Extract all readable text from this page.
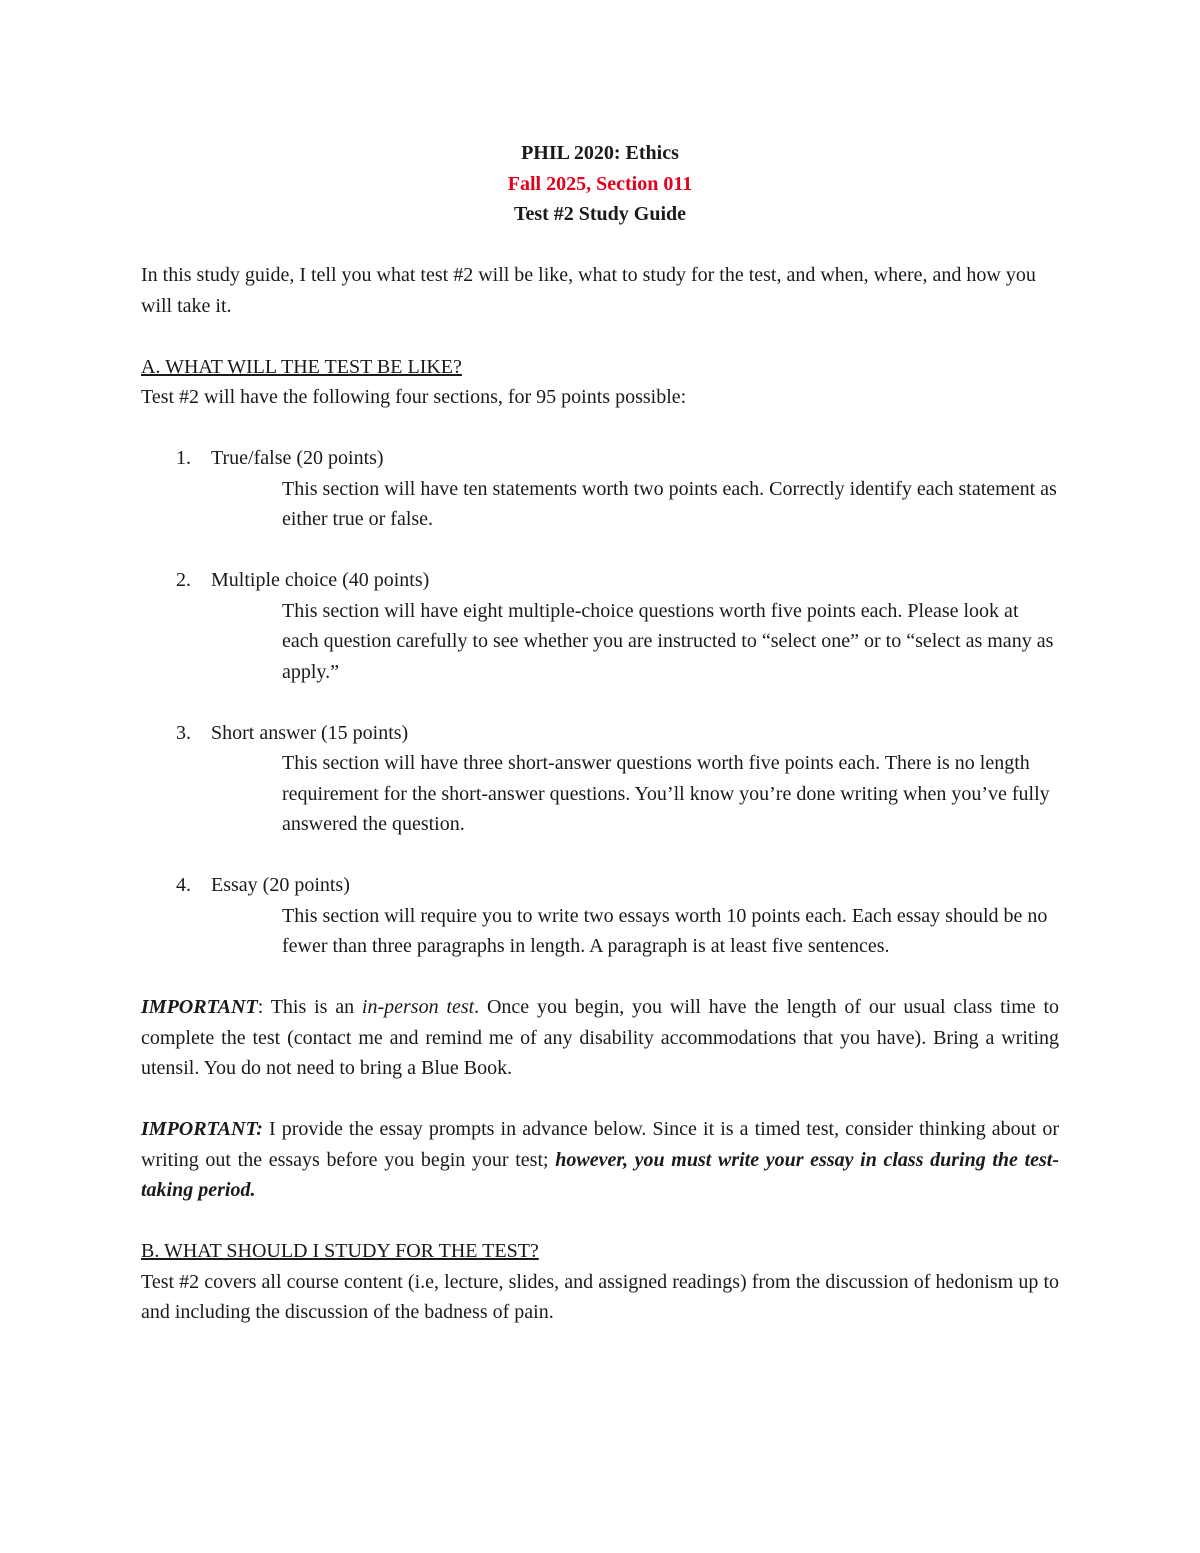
PHIL 2020: Ethics
Fall 2025, Section 011
Test #2 Study Guide

In this study guide, I tell you what test #2 will be like, what to study for the test, and when, where, and how you will take it.

A. WHAT WILL THE TEST BE LIKE?

Test #2 will have the following four sections, for 95 points possible:

1. True/false (20 points)

This section will have ten statements worth two points each. Correctly identify each statement as either true or false.

2. Multiple choice (40 points)

This section will have eight multiple-choice questions worth five points each. Please look at each question carefully to see whether you are instructed to “select one” or to “select as many as apply.”

3. Short answer (15 points)

This section will have three short-answer questions worth five points each. There is no length requirement for the short-answer questions. You’ll know you’re done writing when you’ve fully answered the question.

4. Essay (20 points)

This section will require you to write two essays worth 10 points each. Each essay should be no fewer than three paragraphs in length. A paragraph is at least five sentences.

IMPORTANT: This is an in-person test. Once you begin, you will have the length of our usual class time to complete the test (contact me and remind me of any disability accommodations that you have). Bring a writing utensil. You do not need to bring a Blue Book.

IMPORTANT: I provide the essay prompts in advance below. Since it is a timed test, consider thinking about or writing out the essays before you begin your test; however, you must write your essay in class during the test-taking period.

B. WHAT SHOULD I STUDY FOR THE TEST?

Test #2 covers all course content (i.e, lecture, slides, and assigned readings) from the discussion of hedonism up to and including the discussion of the badness of pain.
